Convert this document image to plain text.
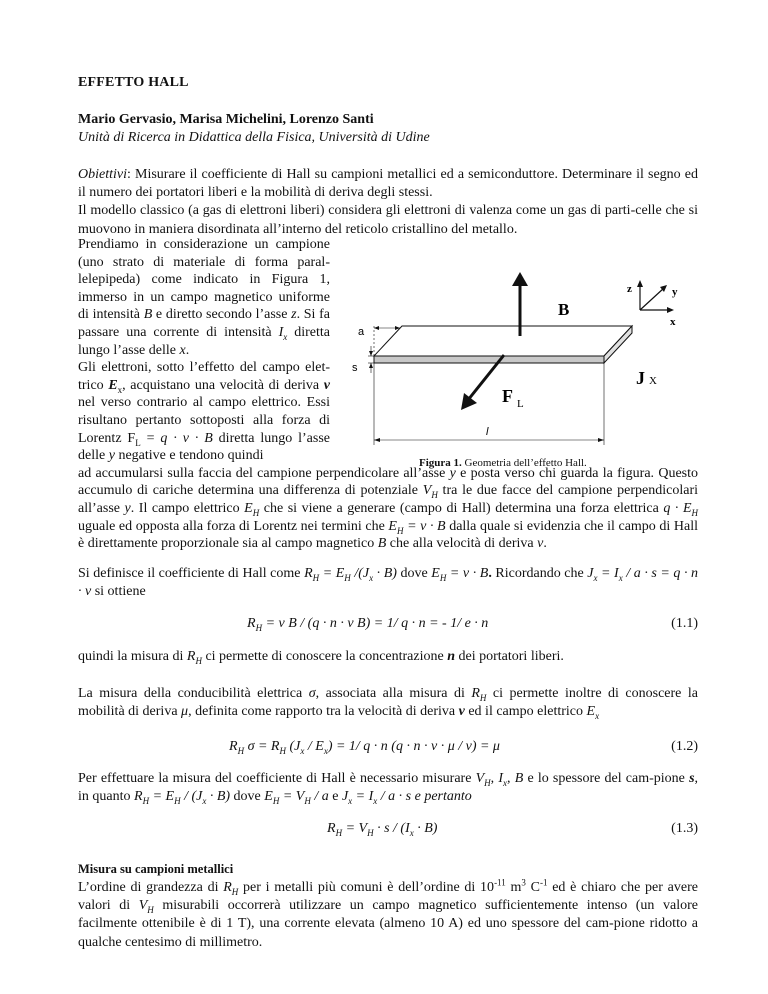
EFFETTO HALL
Mario Gervasio, Marisa Michelini, Lorenzo Santi
Unità di Ricerca in Didattica della Fisica, Università di Udine
Obiettivi: Misurare il coefficiente di Hall su campioni metallici ed a semiconduttore. Determinare il segno ed il numero dei portatori liberi e la mobilità di deriva degli stessi.
Il modello classico (a gas di elettroni liberi) considera gli elettroni di valenza come un gas di parti-celle che si muovono in maniera disordinata all’interno del reticolo cristallino del metallo.
Prendiamo in considerazione un campione (uno strato di materiale di forma paral-lelepipeda) come indicato in Figura 1, immerso in un campo magnetico uniforme di intensità B e diretto secondo l’asse z. Si fa passare una corrente di intensità $I_x$ diretta lungo l’asse delle x.
Gli elettroni, sotto l’effetto del campo elet-trico $E_x$, acquistano una velocità di deriva v nel verso contrario al campo elettrico. Essi risultano pertanto sottoposti alla forza di Lorentz $F_L = q \cdot v \cdot B$ diretta lungo l’asse delle y negative e tendono quindi
ad accumularsi sulla faccia del campione perpendicolare all’asse y e posta verso chi guarda la figura. Questo accumulo di cariche determina una differenza di potenziale $V_H$ tra le due facce del campione perpendicolari all’asse y. Il campo elettrico $E_H$ che si viene a generare (campo di Hall) determina una forza elettrica $q \cdot E_H$ uguale ed opposta alla forza di Lorentz nei termini che $E_H = v \cdot B$ dalla quale si evidenzia che il campo di Hall è direttamente proporzionale sia al campo magnetico B che alla velocità di deriva v.
z	y
x
B
F L
J X
a
s
l
Figura 1. Geometria dell’effetto Hall.
Si definisce il coefficiente di Hall come $R_H = E_H$ $/(J_x \cdot B)$ dove $E_H = v \cdot B$. Ricordando che $J_x = I_x / a \cdot s = q \cdot n \cdot v$ si ottiene
$R_H = v$ B / (q · n · v B) = 1/ q · n = - 1/ e · n	(1.1)
quindi la misura di $R_H$ ci permette di conoscere la concentrazione n dei portatori liberi.
La misura della conducibilità elettrica σ, associata alla misura di $R_H$ ci permette inoltre di conoscere la mobilità di deriva μ, definita come rapporto tra la velocità di deriva v ed il campo elettrico $E_x$
$R_H$ $\sigma = R_H$ $(J_x / E_x) = 1/$ q · n (q · n · v · μ / v) = μ	(1.2)
Per effettuare la misura del coefficiente di Hall è necessario misurare $V_H$, $I_x$, B e lo spessore del cam-pione s, in quanto $R_H = E_H / (J_x \cdot B)$ dove $E_H = V_H / a$ e $J_x = I_x / a \cdot s$ e pertanto
$R_H = V_H \cdot s / (I_x \cdot B)$	(1.3)
Misura su campioni metallici
L’ordine di grandezza di $R_H$ per i metalli più comuni è dell’ordine di $10^{-11}$ $m^3$ $C^{-1}$ ed è chiaro che per avere valori di $V_H$ misurabili occorrerà utilizzare un campo magnetico sufficientemente intenso (un valore facilmente ottenibile è di 1 T), una corrente elevata (almeno 10 A) ed uno spessore del cam-pione ridotto a qualche centesimo di millimetro.
